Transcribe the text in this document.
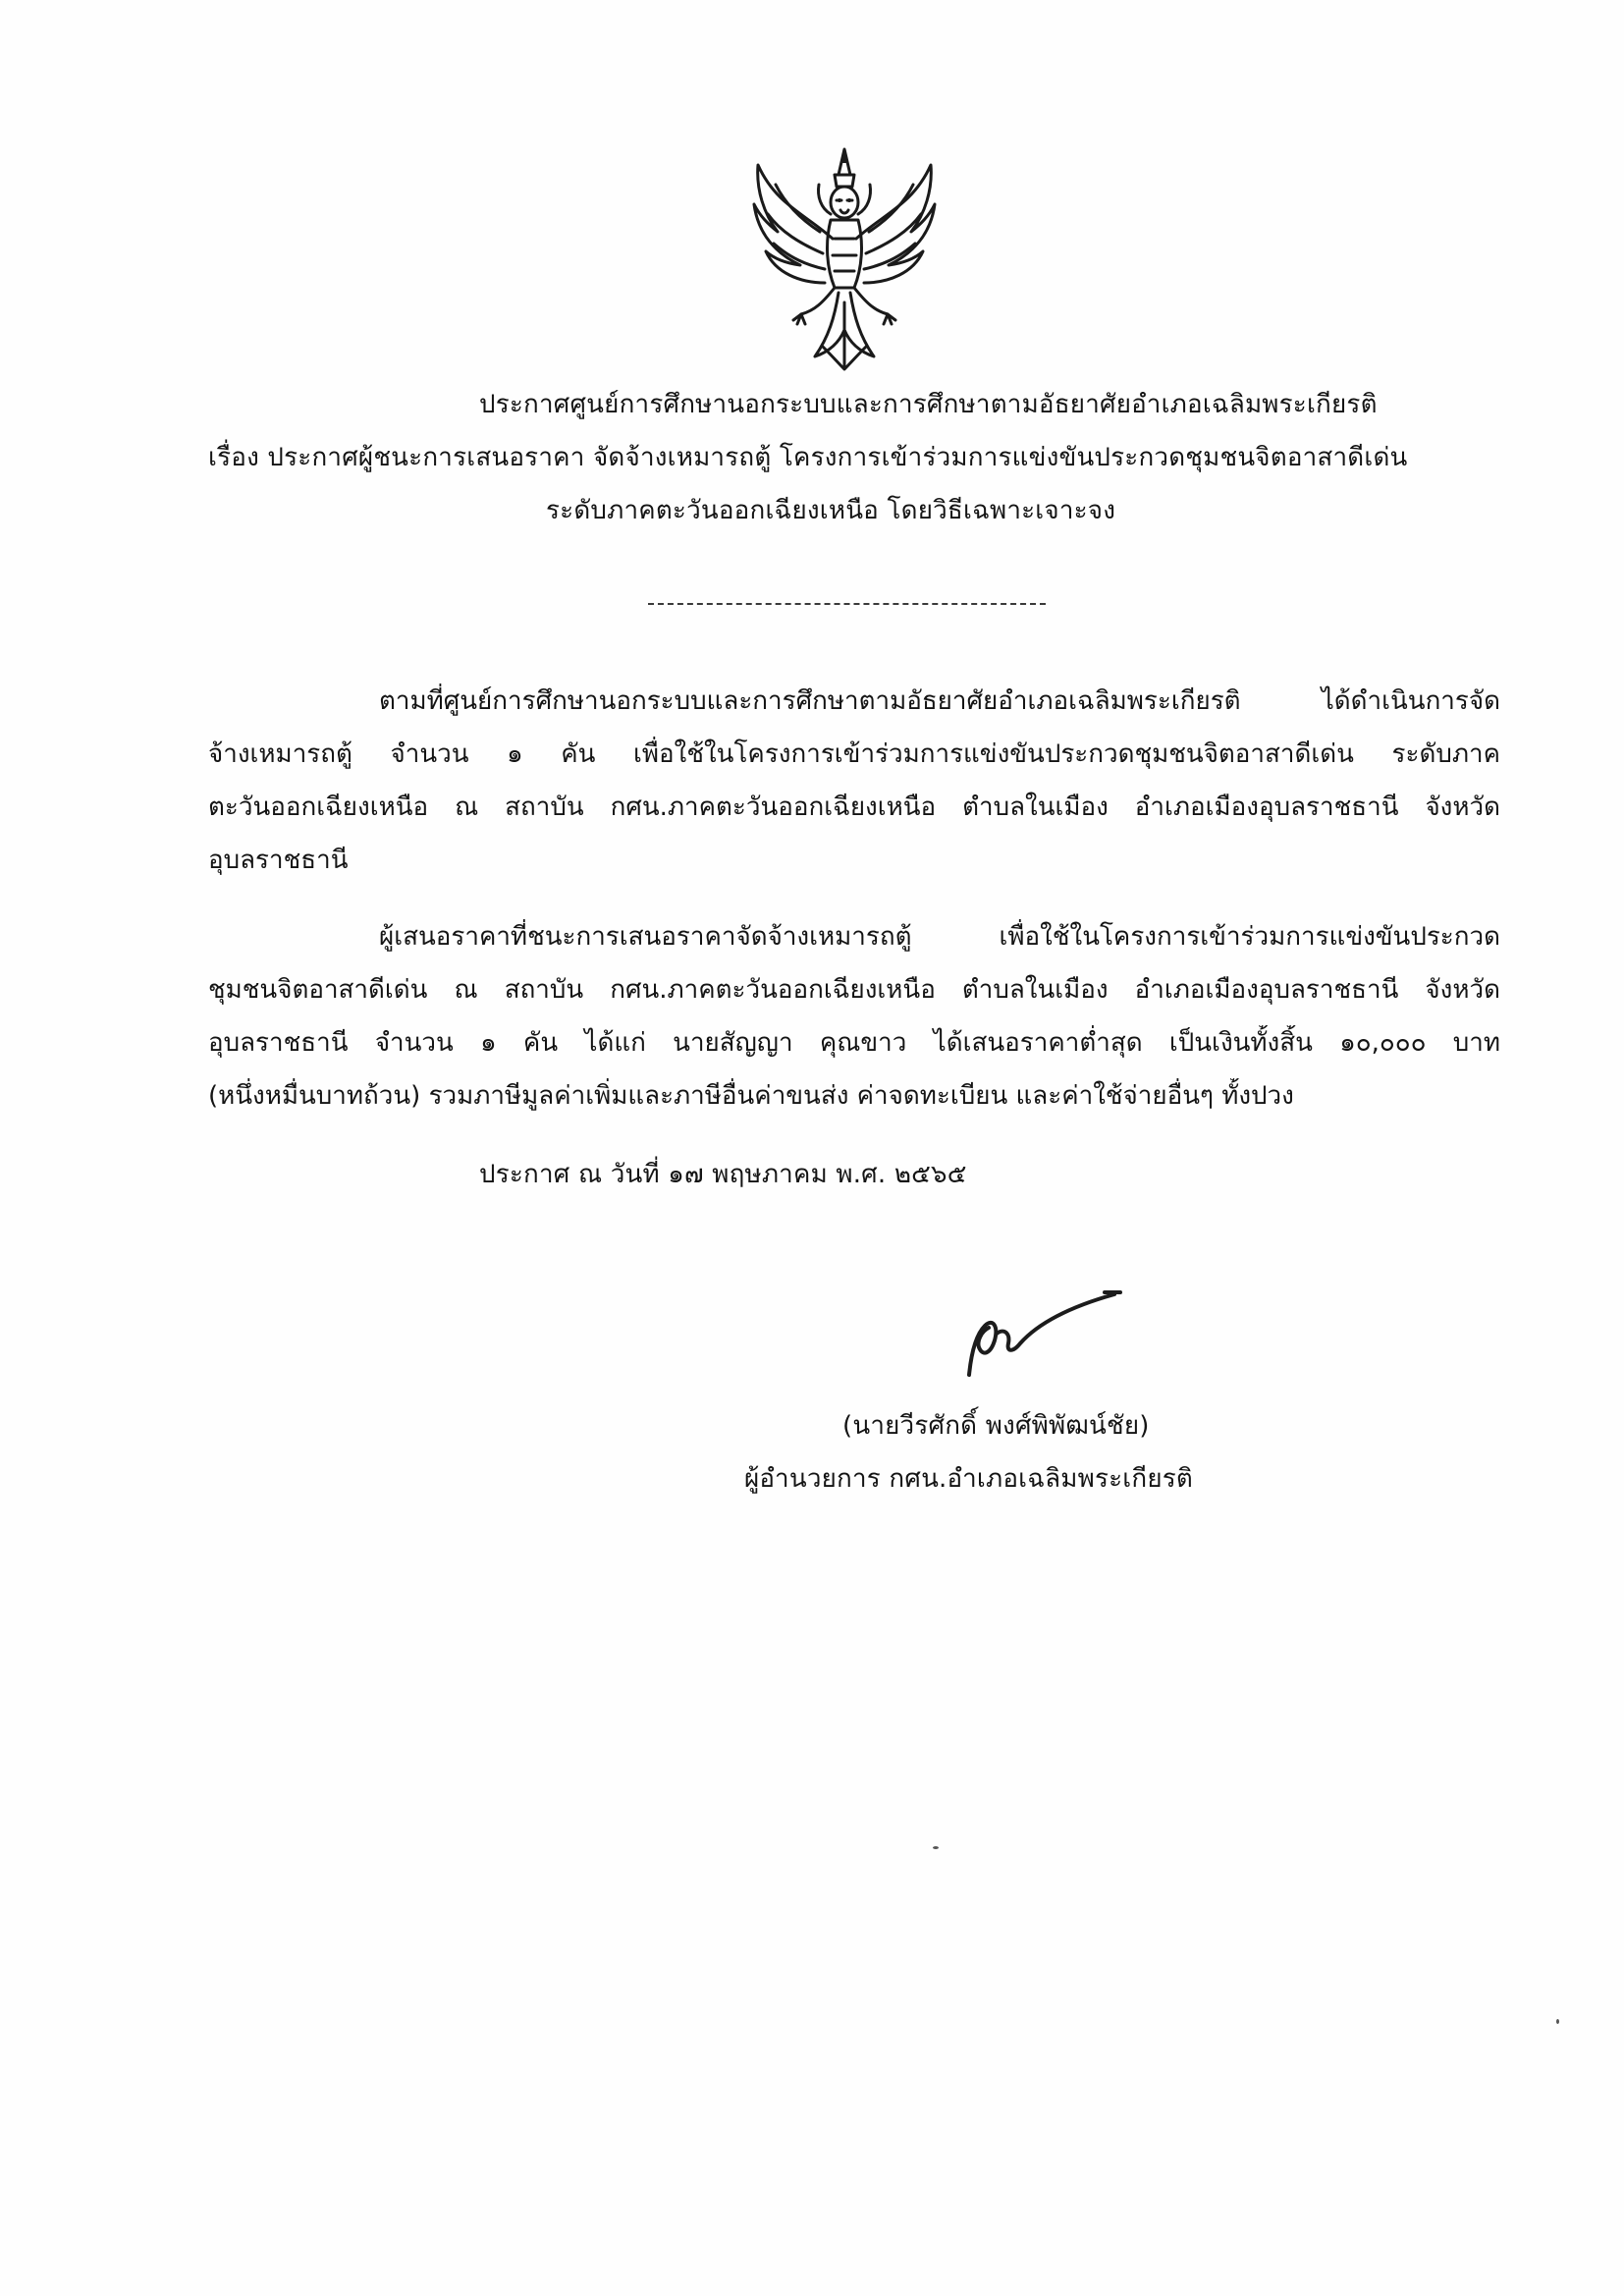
ประกาศศูนย์การศึกษานอกระบบและการศึกษาตามอัธยาศัยอำเภอเฉลิมพระเกียรติ
เรื่อง ประกาศผู้ชนะการเสนอราคา จัดจ้างเหมารถตู้ โครงการเข้าร่วมการแข่งขันประกวดชุมชนจิตอาสาดีเด่น
ระดับภาคตะวันออกเฉียงเหนือ โดยวิธีเฉพาะเจาะจง
ตามที่ศูนย์การศึกษานอกระบบและการศึกษาตามอัธยาศัยอำเภอเฉลิมพระเกียรติ ได้ดำเนินการจัด
จ้างเหมารถตู้ จำนวน ๑ คัน เพื่อใช้ในโครงการเข้าร่วมการแข่งขันประกวดชุมชนจิตอาสาดีเด่น ระดับภาค
ตะวันออกเฉียงเหนือ ณ สถาบัน กศน.ภาคตะวันออกเฉียงเหนือ ตำบลในเมือง อำเภอเมืองอุบลราชธานี จังหวัด
อุบลราชธานี
ผู้เสนอราคาที่ชนะการเสนอราคาจัดจ้างเหมารถตู้ เพื่อใช้ในโครงการเข้าร่วมการแข่งขันประกวด
ชุมชนจิตอาสาดีเด่น ณ สถาบัน กศน.ภาคตะวันออกเฉียงเหนือ ตำบลในเมือง อำเภอเมืองอุบลราชธานี จังหวัด
อุบลราชธานี จำนวน ๑ คัน ได้แก่ นายสัญญา คุณขาว ได้เสนอราคาต่ำสุด เป็นเงินทั้งสิ้น ๑๐,๐๐๐ บาท
(หนึ่งหมื่นบาทถ้วน) รวมภาษีมูลค่าเพิ่มและภาษีอื่นค่าขนส่ง ค่าจดทะเบียน และค่าใช้จ่ายอื่นๆ ทั้งปวง
ประกาศ ณ วันที่ ๑๗ พฤษภาคม พ.ศ. ๒๕๖๕
(นายวีรศักดิ์ พงศ์พิพัฒน์ชัย)
ผู้อำนวยการ กศน.อำเภอเฉลิมพระเกียรติ
